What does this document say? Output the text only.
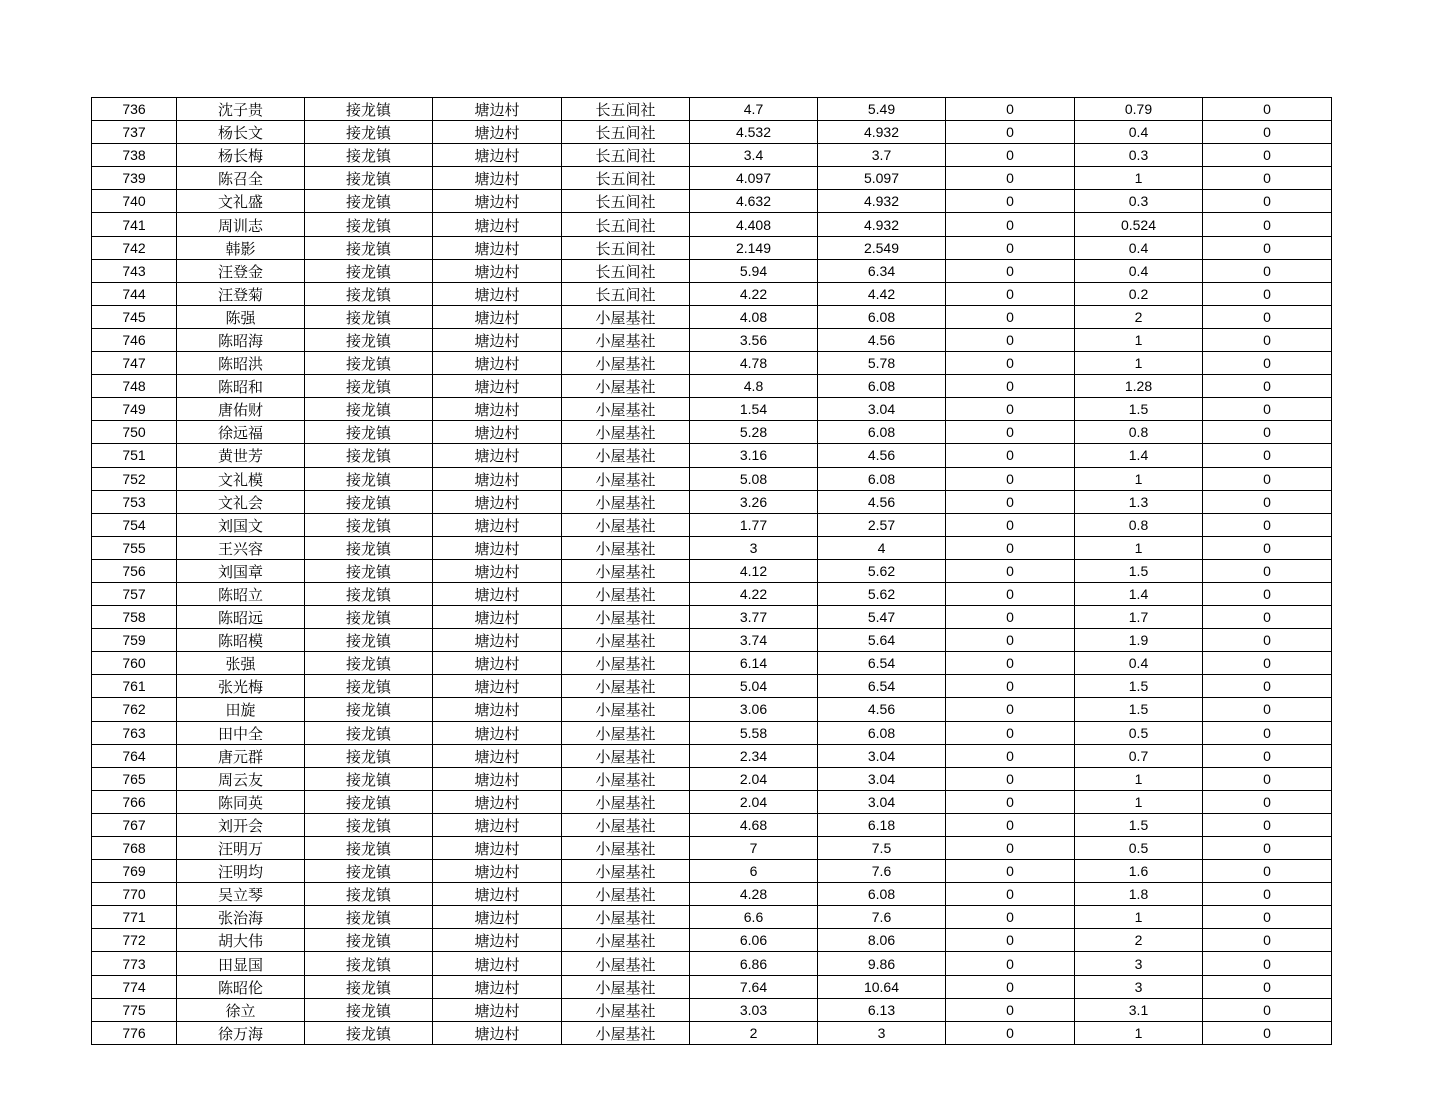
736	沈子贵	接龙镇	塘边村	长五间社	4.7	5.49	0	0.79	0
737	杨长文	接龙镇	塘边村	长五间社	4.532	4.932	0	0.4	0
738	杨长梅	接龙镇	塘边村	长五间社	3.4	3.7	0	0.3	0
739	陈召全	接龙镇	塘边村	长五间社	4.097	5.097	0	1	0
740	文礼盛	接龙镇	塘边村	长五间社	4.632	4.932	0	0.3	0
741	周训志	接龙镇	塘边村	长五间社	4.408	4.932	0	0.524	0
742	韩影	接龙镇	塘边村	长五间社	2.149	2.549	0	0.4	0
743	汪登金	接龙镇	塘边村	长五间社	5.94	6.34	0	0.4	0
744	汪登菊	接龙镇	塘边村	长五间社	4.22	4.42	0	0.2	0
745	陈强	接龙镇	塘边村	小屋基社	4.08	6.08	0	2	0
746	陈昭海	接龙镇	塘边村	小屋基社	3.56	4.56	0	1	0
747	陈昭洪	接龙镇	塘边村	小屋基社	4.78	5.78	0	1	0
748	陈昭和	接龙镇	塘边村	小屋基社	4.8	6.08	0	1.28	0
749	唐佑财	接龙镇	塘边村	小屋基社	1.54	3.04	0	1.5	0
750	徐远福	接龙镇	塘边村	小屋基社	5.28	6.08	0	0.8	0
751	黄世芳	接龙镇	塘边村	小屋基社	3.16	4.56	0	1.4	0
752	文礼模	接龙镇	塘边村	小屋基社	5.08	6.08	0	1	0
753	文礼会	接龙镇	塘边村	小屋基社	3.26	4.56	0	1.3	0
754	刘国文	接龙镇	塘边村	小屋基社	1.77	2.57	0	0.8	0
755	王兴容	接龙镇	塘边村	小屋基社	3	4	0	1	0
756	刘国章	接龙镇	塘边村	小屋基社	4.12	5.62	0	1.5	0
757	陈昭立	接龙镇	塘边村	小屋基社	4.22	5.62	0	1.4	0
758	陈昭远	接龙镇	塘边村	小屋基社	3.77	5.47	0	1.7	0
759	陈昭模	接龙镇	塘边村	小屋基社	3.74	5.64	0	1.9	0
760	张强	接龙镇	塘边村	小屋基社	6.14	6.54	0	0.4	0
761	张光梅	接龙镇	塘边村	小屋基社	5.04	6.54	0	1.5	0
762	田旋	接龙镇	塘边村	小屋基社	3.06	4.56	0	1.5	0
763	田中全	接龙镇	塘边村	小屋基社	5.58	6.08	0	0.5	0
764	唐元群	接龙镇	塘边村	小屋基社	2.34	3.04	0	0.7	0
765	周云友	接龙镇	塘边村	小屋基社	2.04	3.04	0	1	0
766	陈同英	接龙镇	塘边村	小屋基社	2.04	3.04	0	1	0
767	刘开会	接龙镇	塘边村	小屋基社	4.68	6.18	0	1.5	0
768	汪明万	接龙镇	塘边村	小屋基社	7	7.5	0	0.5	0
769	汪明均	接龙镇	塘边村	小屋基社	6	7.6	0	1.6	0
770	吴立琴	接龙镇	塘边村	小屋基社	4.28	6.08	0	1.8	0
771	张治海	接龙镇	塘边村	小屋基社	6.6	7.6	0	1	0
772	胡大伟	接龙镇	塘边村	小屋基社	6.06	8.06	0	2	0
773	田显国	接龙镇	塘边村	小屋基社	6.86	9.86	0	3	0
774	陈昭伦	接龙镇	塘边村	小屋基社	7.64	10.64	0	3	0
775	徐立	接龙镇	塘边村	小屋基社	3.03	6.13	0	3.1	0
776	徐万海	接龙镇	塘边村	小屋基社	2	3	0	1	0
